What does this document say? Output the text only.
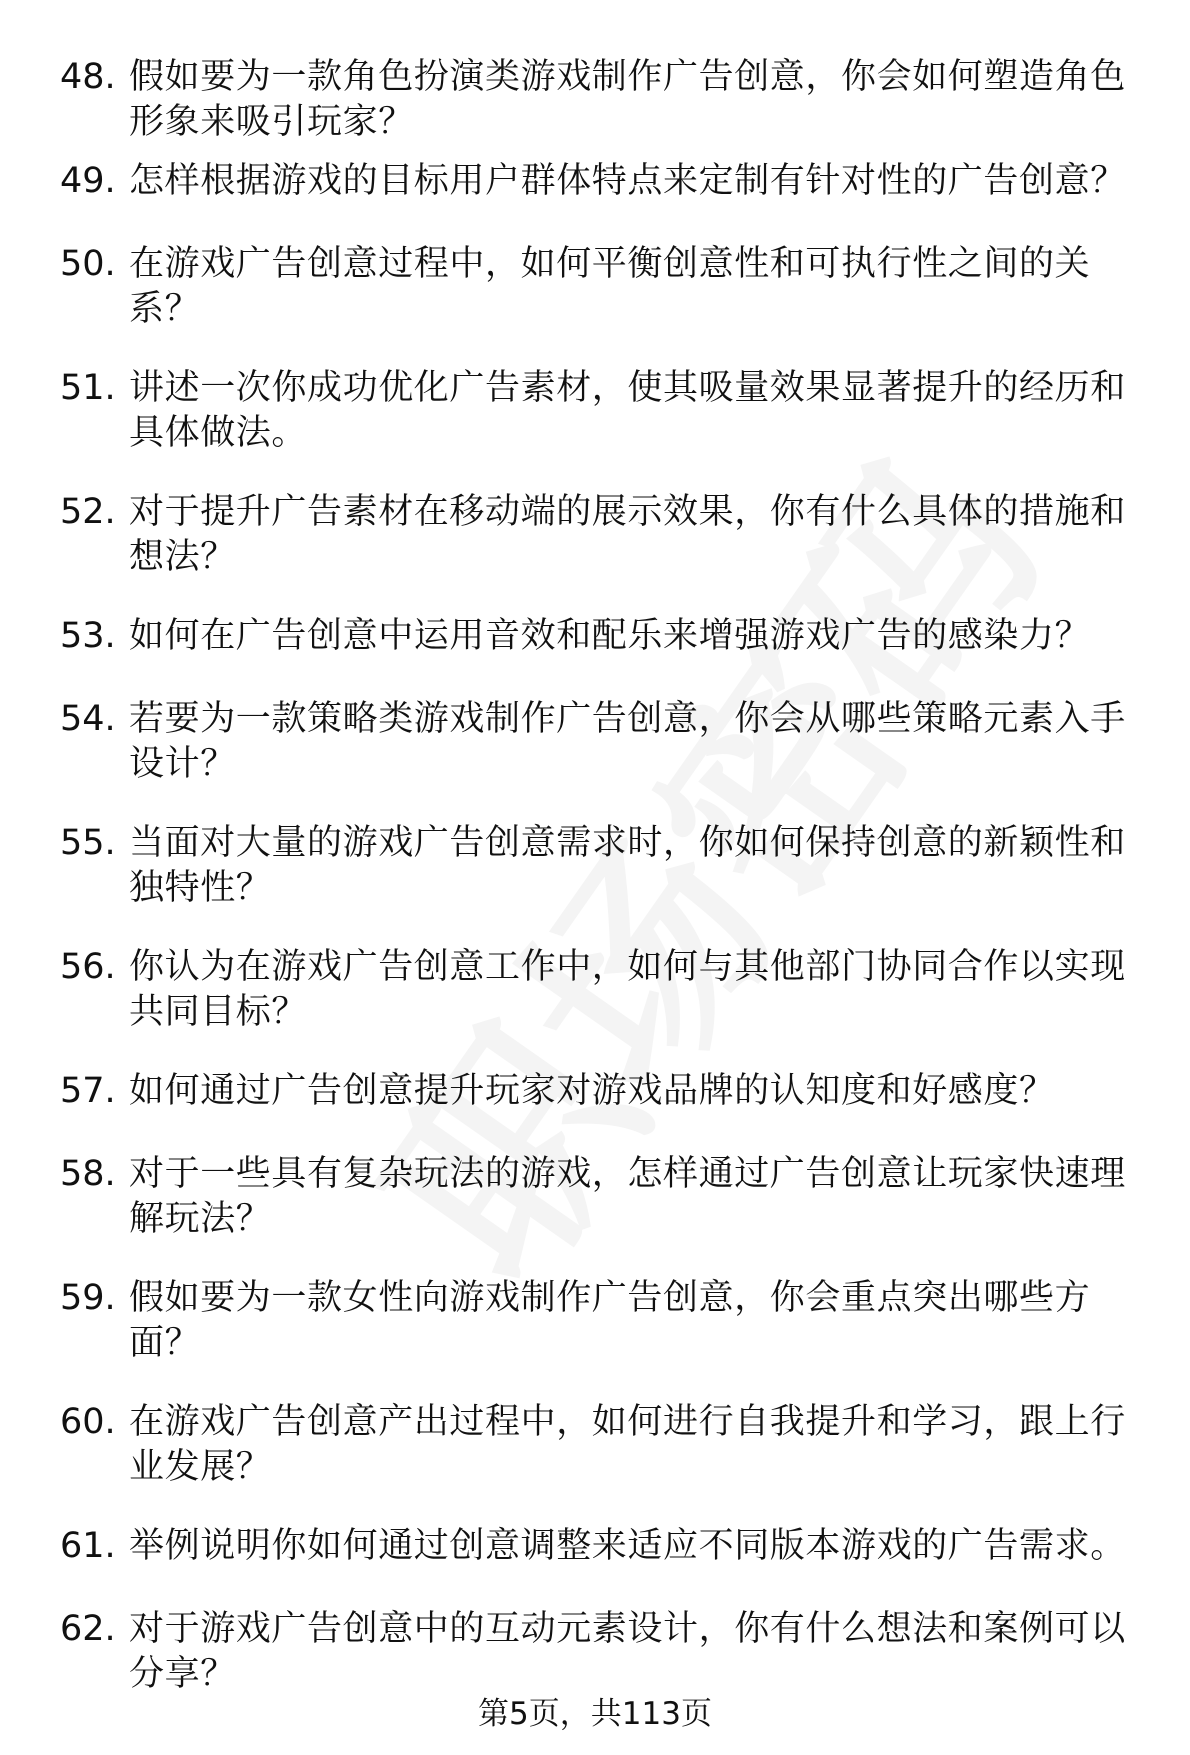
48. 假如要为一款角色扮演类游戏制作广告创意，你会如何塑造角色形象来吸引玩家？
49. 怎样根据游戏的目标用户群体特点来定制有针对性的广告创意？
50. 在游戏广告创意过程中，如何平衡创意性和可执行性之间的关系？
51. 讲述一次你成功优化广告素材，使其吸量效果显著提升的经历和具体做法。
52. 对于提升广告素材在移动端的展示效果，你有什么具体的措施和想法？
53. 如何在广告创意中运用音效和配乐来增强游戏广告的感染力？
54. 若要为一款策略类游戏制作广告创意，你会从哪些策略元素入手设计？
55. 当面对大量的游戏广告创意需求时，你如何保持创意的新颖性和独特性？
56. 你认为在游戏广告创意工作中，如何与其他部门协同合作以实现共同目标？
57. 如何通过广告创意提升玩家对游戏品牌的认知度和好感度？
58. 对于一些具有复杂玩法的游戏，怎样通过广告创意让玩家快速理解玩法？
59. 假如要为一款女性向游戏制作广告创意，你会重点突出哪些方面？
60. 在游戏广告创意产出过程中，如何进行自我提升和学习，跟上行业发展？
61. 举例说明你如何通过创意调整来适应不同版本游戏的广告需求。
62. 对于游戏广告创意中的互动元素设计，你有什么想法和案例可以分享？
第5页，共113页
